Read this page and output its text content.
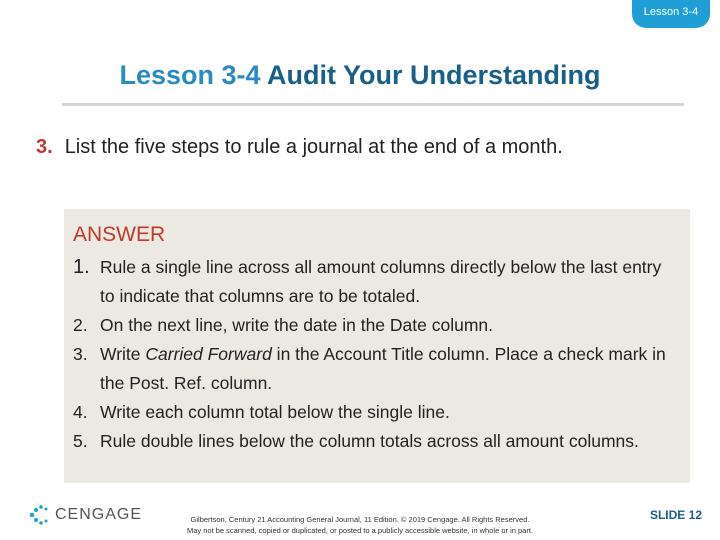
Lesson 3-4
Lesson 3-4 Audit Your Understanding
3. List the five steps to rule a journal at the end of a month.
ANSWER
1. Rule a single line across all amount columns directly below the last entry to indicate that columns are to be totaled.
2. On the next line, write the date in the Date column.
3. Write Carried Forward in the Account Title column. Place a check mark in the Post. Ref. column.
4. Write each column total below the single line.
5. Rule double lines below the column totals across all amount columns.
CENGAGE	Gilbertson, Century 21 Accounting General Journal, 11 Edition. © 2019 Cengage. All Rights Reserved.
May not be scanned, copied or duplicated, or posted to a publicly accessible website, in whole or in part.
SLIDE 12
